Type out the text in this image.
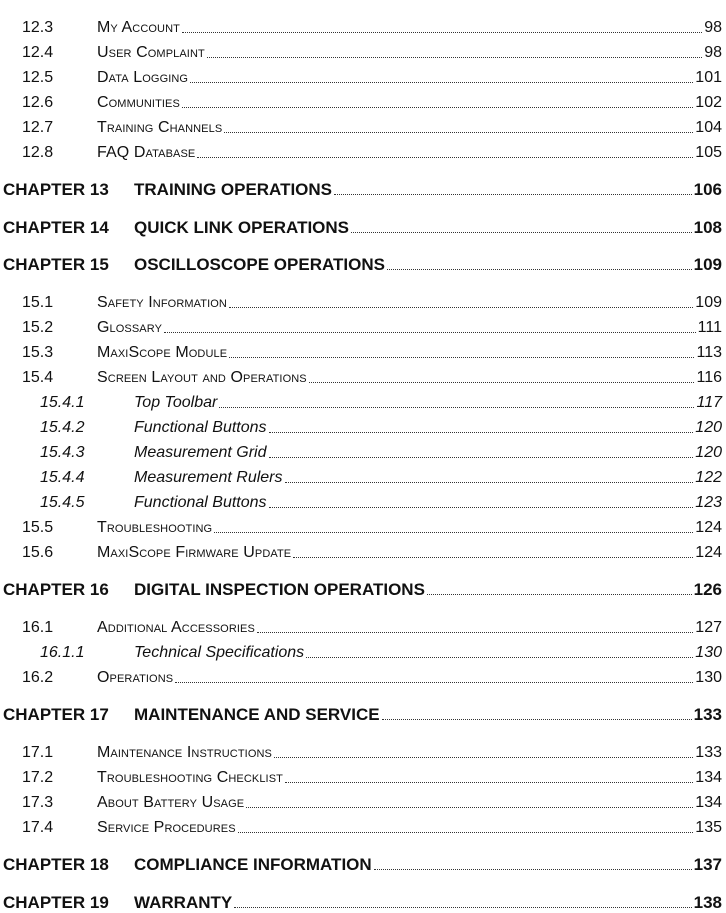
12.3	My Account	98
12.4	User Complaint	98
12.5	Data Logging	101
12.6	Communities	102
12.7	Training Channels	104
12.8	FAQ Database	105
CHAPTER 13 TRAINING OPERATIONS	106
CHAPTER 14 QUICK LINK OPERATIONS	108
CHAPTER 15 OSCILLOSCOPE OPERATIONS	109
15.1	Safety Information	109
15.2	Glossary	111
15.3	MaxiScope Module	113
15.4	Screen Layout and Operations	116
15.4.1	Top Toolbar	117
15.4.2	Functional Buttons	120
15.4.3	Measurement Grid	120
15.4.4	Measurement Rulers	122
15.4.5	Functional Buttons	123
15.5	Troubleshooting	124
15.6	MaxiScope Firmware Update	124
CHAPTER 16 DIGITAL INSPECTION OPERATIONS	126
16.1	Additional Accessories	127
16.1.1	Technical Specifications	130
16.2	Operations	130
CHAPTER 17 MAINTENANCE AND SERVICE	133
17.1	Maintenance Instructions	133
17.2	Troubleshooting Checklist	134
17.3	About Battery Usage	134
17.4	Service Procedures	135
CHAPTER 18 COMPLIANCE INFORMATION	137
CHAPTER 19 WARRANTY	138
